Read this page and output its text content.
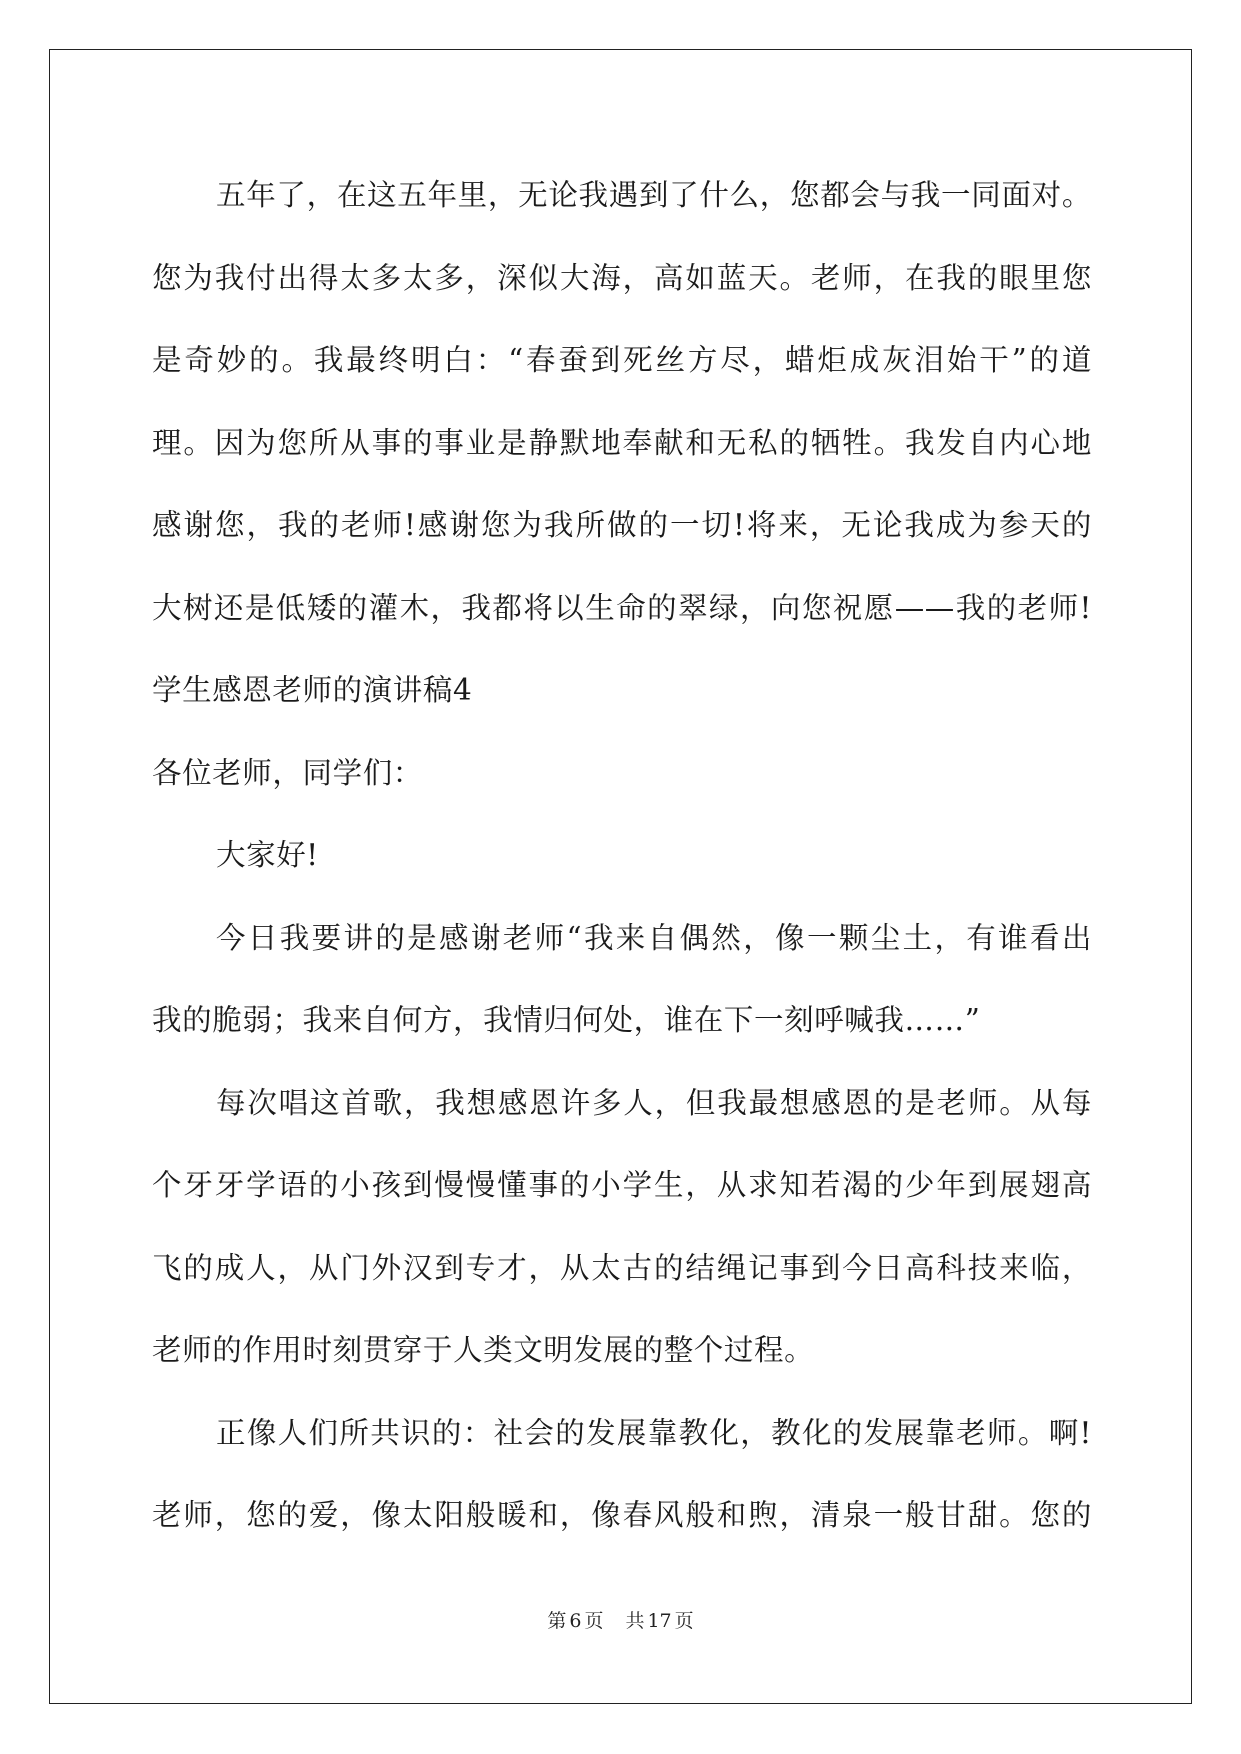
五年了，在这五年里，无论我遇到了什么，您都会与我一同面对。
您为我付出得太多太多，深似大海，高如蓝天。老师，在我的眼里您
是奇妙的。我最终明白：“春蚕到死丝方尽，蜡炬成灰泪始干”的道
理。因为您所从事的事业是静默地奉献和无私的牺牲。我发自内心地
感谢您，我的老师!感谢您为我所做的一切!将来，无论我成为参天的
大树还是低矮的灌木，我都将以生命的翠绿，向您祝愿——我的老师!
学生感恩老师的演讲稿4
各位老师，同学们：
大家好!
今日我要讲的是感谢老师“我来自偶然，像一颗尘土，有谁看出
我的脆弱；我来自何方，我情归何处，谁在下一刻呼喊我……”
每次唱这首歌，我想感恩许多人，但我最想感恩的是老师。从每
个牙牙学语的小孩到慢慢懂事的小学生，从求知若渴的少年到展翅高
飞的成人，从门外汉到专才，从太古的结绳记事到今日高科技来临，
老师的作用时刻贯穿于人类文明发展的整个过程。
正像人们所共识的：社会的发展靠教化，教化的发展靠老师。啊!
老师，您的爱，像太阳般暖和，像春风般和煦，清泉一般甘甜。您的
第 6 页 共 17 页
